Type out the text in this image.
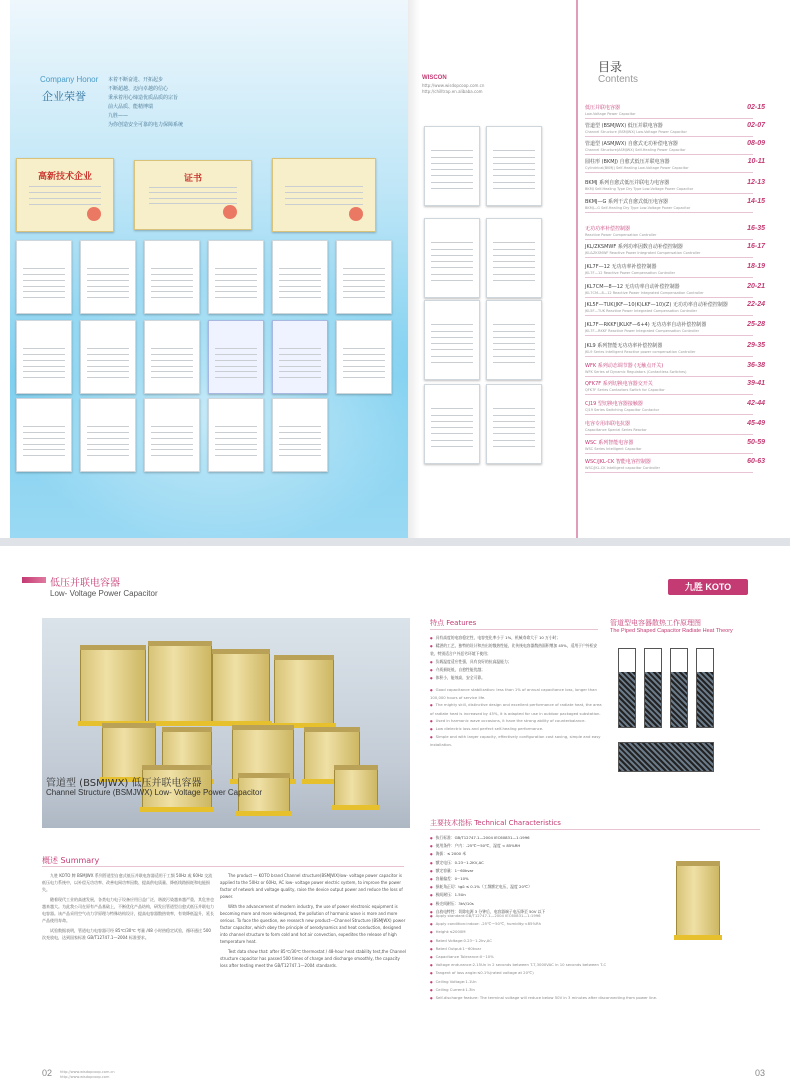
Company Honor
企业荣誉
本着不断奋进、开拓起步
不断超越、迈向卓越的信心
秉承着用心缔造优质品质的宗旨
前大品质、能精博瑞
九胜——
为你创造安全可靠的电力保障系统
高新技术企业	证书
WISCON
http://www.wisdopcoop.com.cn
http://chilltrap.en.alibaba.com
目录
Contents
低压并联电容器
Low-Voltage Power Capacitor
02-15
管道型 (BSMJWX) 低压并联电容器
Channel Structure (BSMJWX) Low-Voltage Power Capacitor
02-07
管道型 (ASMJWX) 自愈式无功补偿电容器
Channel Structure(ASMJWX) Self-Healing Power Capacitor
08-09
圆柱形 (BKMJ) 自愈式低压并联电容器
Cylindrical(BKMJ) Self-Healing Low-Voltage Power Capacitor
10-11
BKMJ 系列自愈式低压并联电力电容器
BKMJ Self-Healing Type Dry Type Low-Voltage Power Capacitor
12-13
BKMJ—G 系列干式自愈式低压电容器
BKMJ—G Self-Healing Dry Type Low-Voltage Power Capacitor
14-15
无功功率补偿控制器
Reactive Power Compensation Controller
16-35
JKL/ZKSMWF 系列功率因数自动补偿控制器
JKL&ZKSMWF Reactive Power Integrated Compensation Controller
16-17
JKL7F—12 无功功率补偿控制器
JKL7F—12 Reactive Power Compensation Controller
18-19
JKL7CM—8—12 无功功率自动补偿控制器
JKL7CM—8—12 Reactive Power Integrated Compensation Controller
20-21
JKL5F—TUK(JKF—10(K)LKF—10)(Z) 无功功率自动补偿控制器
JKL5F—TUK Reactive Power Integrated Compensation Controller
22-24
JKL7F—RKKF(JKLKF—6+4) 无功功率自动补偿控制器
JKL7F—RKKF Reactive Power Integrated Compensation Controller
25-28
JKL9 系列智能无功功率补偿控制器
JKL9 Series Intelligent Reactive power compensation Controller
29-35
WFK 系列动态调节器 (无触点开关)
WFK Series of Dynamic Regulators (Contactless Switches)
36-38
QFK7F 系列切换电容器交开关
QFK7F Series Contactors Switch for Capacitor
39-41
CJ19 型切换电容器接触器
CJ19 Series Switching Capacitor Contactor
42-44
电容专用串联电抗器
Capacitance Special Series Reactor
45-49
WSC 系列智能电容器
WSC Series Intelligent Capacitor
50-59
WSC/JKL-CK 智能电容控制器
WSC/JKL-CK Intelligent capacitor Controller
60-63
低压并联电容器
Low- Voltage Power Capacitor
管道型 (BSMJWX) 低压并联电容器
Channel Structure (BSMJWX) Low- Voltage Power Capacitor
概述 Summary

九胜 KOTO 牌 BSMJWX 系列管道型自愈式低压并联电容器适用于工频 50Hz 或 60Hz 交流低压电力系统中，以补偿无功功率、改善电网功率因数、提高供电质量、降低线路损耗和电能损失。

随着现代工业的高速发展，各类电力电子设备应用日益广泛，谐波污染越来越严重，其危害也越来越大。为此我公司在原有产品基础上，不断优化产品结构，研发出管道型自愈式低压并联电力电容器。该产品采用空气动力学原理与特殊结构设计，提高电容器散热效率，有效降低温升，延长产品使用寿命。

试验数据表明，管道电力电容器可经 85℃/30℃ 考量 /48 小时热稳定试验，循环通过 500 次充放电，达到国家标准 GB/T12747.1—2004 标准要求。

The product — KOTO brand Channel structure(BSMJWX)low- voltage power capacitor is applied to the 50Hz or 60Hz, AC low- voltage power electric system, to improve the power factor of network and voltage quality, raise the device output power and reduce the loss of power.

With the advancement of modern industry, the use of power electronic equipment is becoming more and more widespread, the pollution of harmonic wave is more and more serious. To face the question, we research new product—Channel Structure (BSMJWX) power factor capacitor, which obey the principle of aerodynamics and heat conduction, designed into channel structure to form cold and hot air convection, expedites the release of high temperature heat.

Test data show that: after 85℃/30℃ thermostat / 48-hour heat stability test,the Channel structure capacitor has passed 500 times of charge and discharge smoothly, the capacity loss after testing meet the GB/T12747.1—2004 standards.

02 http://www.wisdopcoop.com.cn
http://www.wisdopcoop.com
九胜 KOTO
特点 Features
● 具有高度的电容稳定性，电容变化率小于 1%，机械寿命大于 10 万小时；
● 精湛的工艺，独特的设计和杰出的散热性能，比传统电容器散热面积增加 45%，适用于户外柜安装，特别适合户外恶劣环境下使用；
● 负载温度适应性强，具有良好的抗高温能力；
● 介质损耗低，自愈性能优越；
● 体积小，能效高，安全可靠。
● Good capacitance stabilization: less than 1% of annual capacitance loss, longer than 100,000 hours of service life.
● The mighty skill, distinctive design and excellent performance of radiate heat, the area of radiate heat is increased by 45%, it is adapted for use in outdoor packaged substation.
● Used in harmonic wave occasions, it have the strong ability of counterbalance.
● Low dielectric loss and perfect self-healing performance.
● Simple and with larger capacity, effectively configuration cost saving, simple and easy installation.
管道型电容器散热工作原理图
The Piped Shaped Capacitor Radiate Heat Theory
主要技术指标 Technical Characteristics
● 执行标准：GB/T12747.1—2004 IEC60831—1:1996
● 使用条件：户内：-25℃～50℃，湿度 < 85%RH
● 海拔：≤ 2000 米
● 额定电压：0.23~1.2KV,AC
● 额定容量：1~60kvar
● 容量偏差：0~10%
● 损耗角正切：tgδ ≤ 0.1%（工频额定电压，温度 20℃）
● 极间耐压：1.5Un
● 极壳间耐压：3kV/10s
● 自放电特性：切除电源 3 分钟后，电容器端子电压降至 50V 以下
● Apply standard:GB/T12747.1—2004 IEC60831—1:1996
● Apply condition:indoor: -25℃～50℃, humidity:<85%Rh
● Height:≤2000M
● Rated Voltage:0.23~1.2kv,AC
● Rated Output:1~60kvar
● Capacitance Tolerance:0~10%
● Voltage endurance:2.15Un in 2 seconds between T-T,3000VAC in 10 seconds between T-C
● Tangent of loss angle:≤0.1%(rated voltage at 20℃)
● Ceiling Voltage:1.1Un
● Ceiling Current:1.3In
● Self-discharge feature: The terminal voltage will reduce below 50V in 3 minutes after disconnecting from power line.
03
